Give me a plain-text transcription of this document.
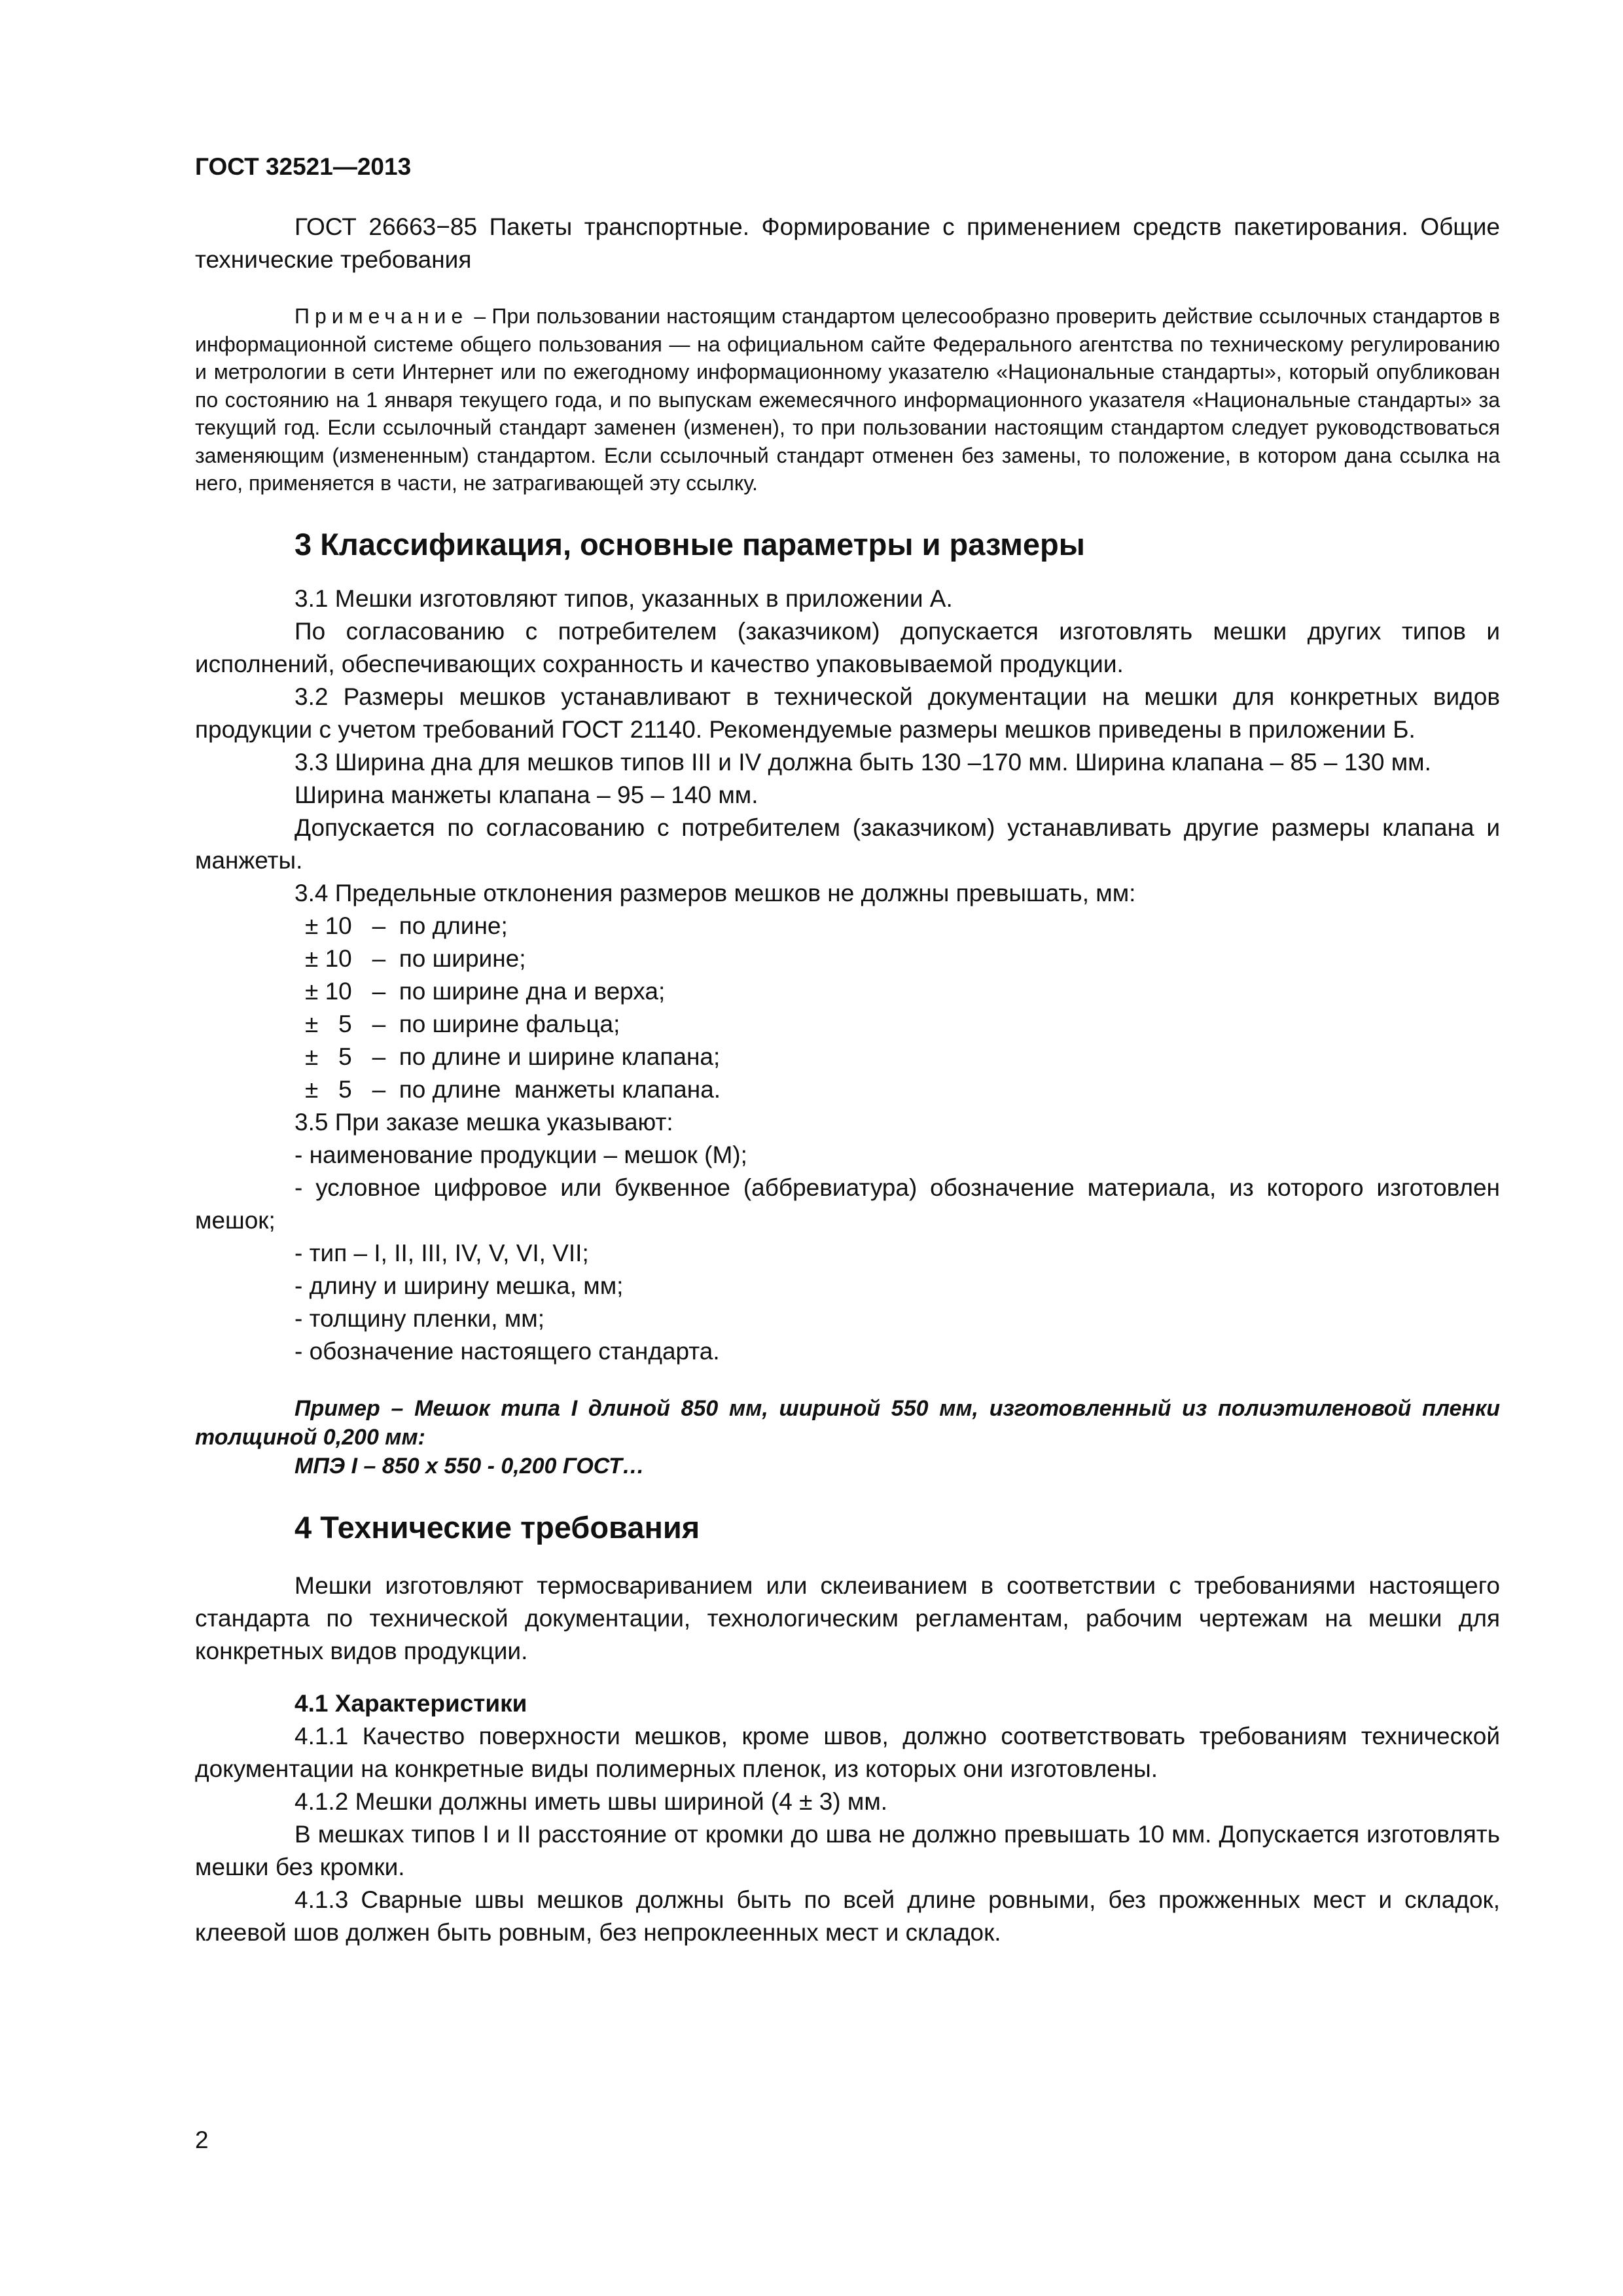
ГОСТ 32521—2013

ГОСТ 26663−85 Пакеты транспортные. Формирование с применением средств пакетирования. Общие технические требования

Примечание – При пользовании настоящим стандартом целесообразно проверить действие ссылочных стандартов в информационной системе общего пользования — на официальном сайте Федерального агентства по техническому регулированию и метрологии в сети Интернет или по ежегодному информационному указателю «Национальные стандарты», который опубликован по состоянию на 1 января текущего года, и по выпускам ежемесячного информационного указателя «Национальные стандарты» за текущий год. Если ссылочный стандарт заменен (изменен), то при пользовании настоящим стандартом следует руководствоваться заменяющим (измененным) стандартом. Если ссылочный стандарт отменен без замены, то положение, в котором дана ссылка на него, применяется в части, не затрагивающей эту ссылку.

3 Классификация, основные параметры и размеры

3.1 Мешки изготовляют типов, указанных в приложении А.

По согласованию с потребителем (заказчиком) допускается изготовлять мешки других типов и исполнений, обеспечивающих сохранность и качество упаковываемой продукции.

3.2 Размеры мешков устанавливают в технической документации на мешки для конкретных видов продукции с учетом требований ГОСТ 21140. Рекомендуемые размеры мешков приведены в приложении Б.

3.3 Ширина дна для мешков типов III и IV должна быть 130 –170 мм. Ширина клапана – 85 – 130 мм.

Ширина манжеты клапана – 95 – 140 мм.

Допускается по согласованию с потребителем (заказчиком) устанавливать другие размеры клапана и манжеты.

3.4 Предельные отклонения размеров мешков не должны превышать, мм:

± 10   –  по длине;

± 10   –  по ширине;

± 10   –  по ширине дна и верха;

±   5   –  по ширине фальца;

±   5   –  по длине и ширине клапана;

±   5   –  по длине  манжеты клапана.

3.5 При заказе мешка указывают:

- наименование продукции – мешок (М);

- условное цифровое или буквенное (аббревиатура) обозначение материала, из которого изготовлен мешок;

- тип – I, II, III, IV, V, VI, VII;

- длину и ширину мешка, мм;

- толщину пленки, мм;

- обозначение настоящего стандарта.

Пример – Мешок типа I длиной 850 мм, шириной 550 мм, изготовленный из полиэтиленовой пленки толщиной 0,200 мм:

МПЭ I – 850 х 550 - 0,200 ГОСТ…

4 Технические требования

Мешки изготовляют термосвариванием или склеиванием в соответствии с требованиями настоящего стандарта по технической документации, технологическим регламентам, рабочим чертежам на мешки для конкретных видов продукции.

4.1 Характеристики

4.1.1 Качество поверхности мешков, кроме швов, должно соответствовать требованиям технической документации на конкретные виды полимерных пленок, из которых они изготовлены.

4.1.2 Мешки должны иметь швы шириной (4 ± 3) мм.

В мешках типов I и II расстояние от кромки до шва не должно превышать 10 мм. Допускается изготовлять мешки без кромки.

4.1.3 Сварные швы мешков должны быть по всей длине ровными, без прожженных мест и складок, клеевой шов должен быть ровным, без непроклеенных мест и складок.

2
